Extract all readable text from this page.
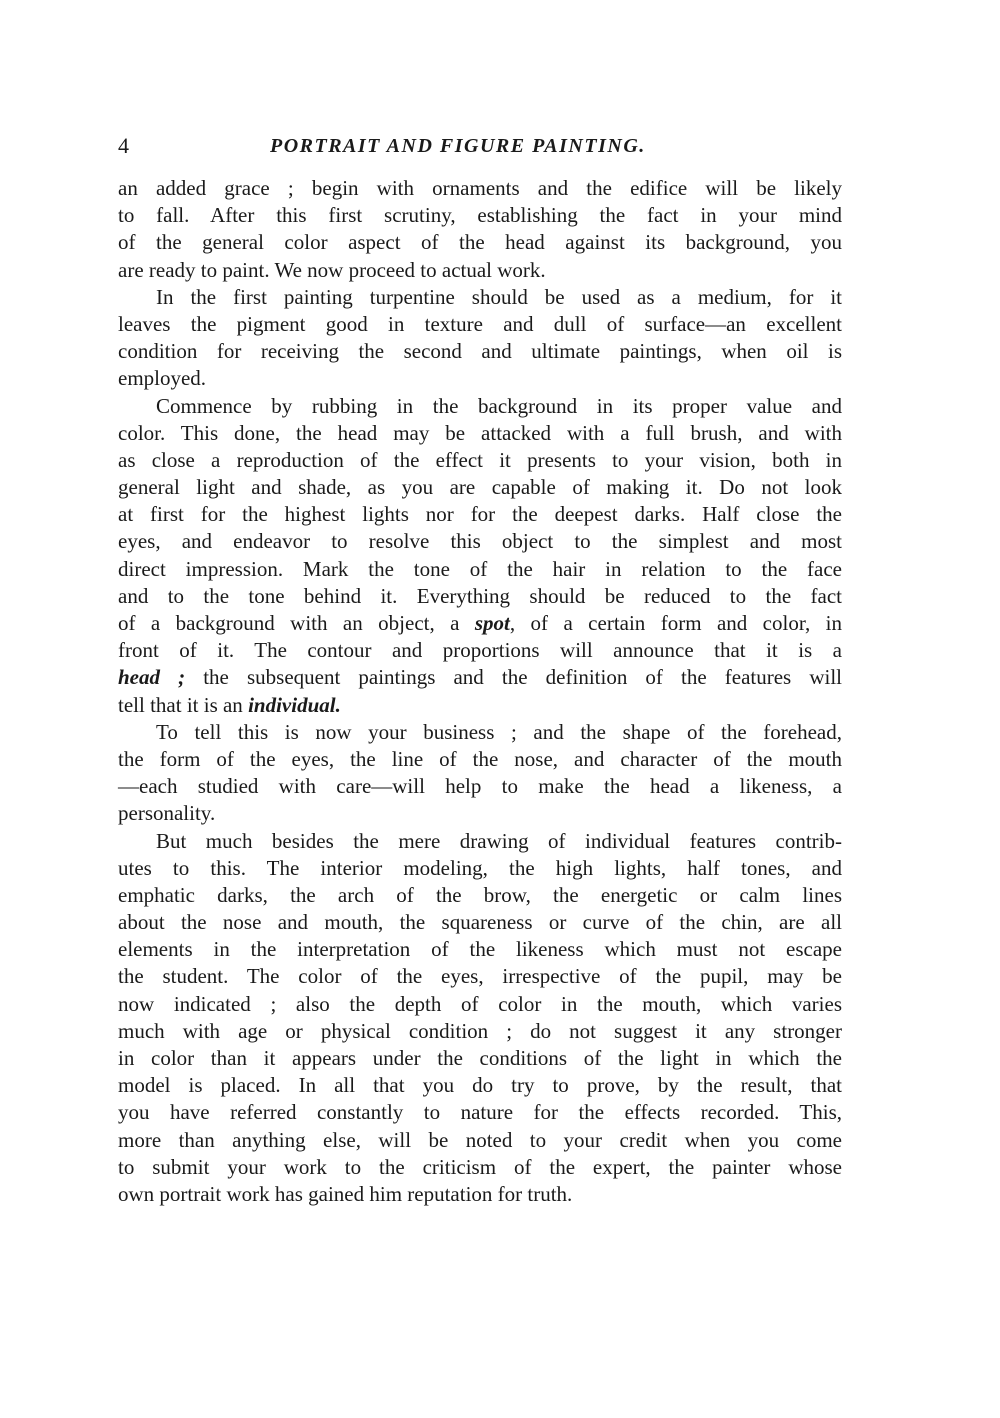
4	PORTRAIT AND FIGURE PAINTING.
an added grace ; begin with ornaments and the edifice will be likely
to fall. After this first scrutiny, establishing the fact in your mind
of the general color aspect of the head against its background, you
are ready to paint. We now proceed to actual work.
In the first painting turpentine should be used as a medium, for it
leaves the pigment good in texture and dull of surface—an excellent
condition for receiving the second and ultimate paintings, when oil is
employed.
Commence by rubbing in the background in its proper value and
color. This done, the head may be attacked with a full brush, and with
as close a reproduction of the effect it presents to your vision, both in
general light and shade, as you are capable of making it. Do not look
at first for the highest lights nor for the deepest darks. Half close the
eyes, and endeavor to resolve this object to the simplest and most
direct impression. Mark the tone of the hair in relation to the face
and to the tone behind it. Everything should be reduced to the fact
of a background with an object, a spot, of a certain form and color, in
front of it. The contour and proportions will announce that it is a
head ; the subsequent paintings and the definition of the features will
tell that it is an individual.
To tell this is now your business ; and the shape of the forehead,
the form of the eyes, the line of the nose, and character of the mouth
—each studied with care—will help to make the head a likeness, a
personality.
But much besides the mere drawing of individual features contrib-
utes to this. The interior modeling, the high lights, half tones, and
emphatic darks, the arch of the brow, the energetic or calm lines
about the nose and mouth, the squareness or curve of the chin, are all
elements in the interpretation of the likeness which must not escape
the student. The color of the eyes, irrespective of the pupil, may be
now indicated ; also the depth of color in the mouth, which varies
much with age or physical condition ; do not suggest it any stronger
in color than it appears under the conditions of the light in which the
model is placed. In all that you do try to prove, by the result, that
you have referred constantly to nature for the effects recorded. This,
more than anything else, will be noted to your credit when you come
to submit your work to the criticism of the expert, the painter whose
own portrait work has gained him reputation for truth.
